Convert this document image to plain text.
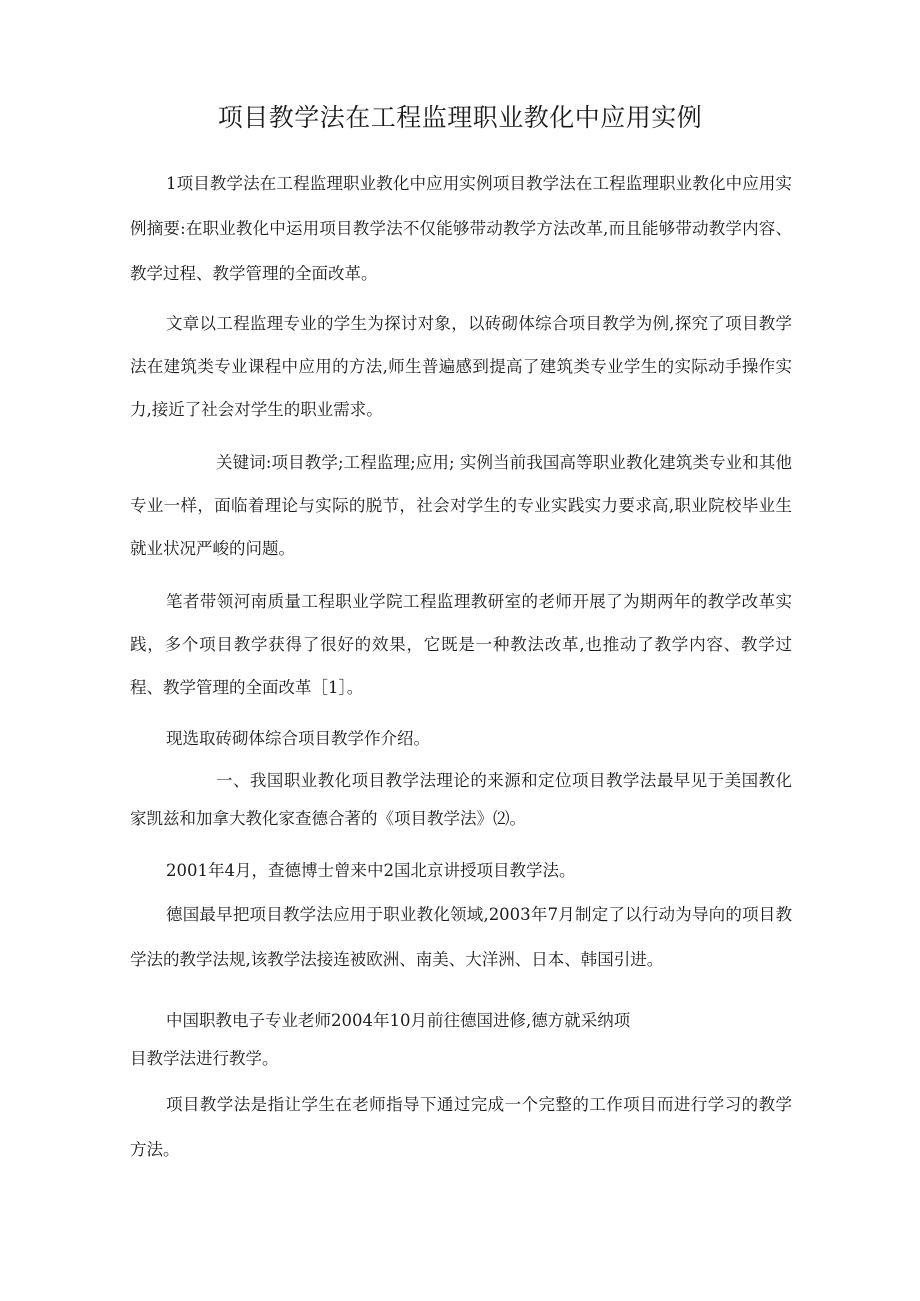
项目教学法在工程监理职业教化中应用实例

1项目教学法在工程监理职业教化中应用实例项目教学法在工程监理职业教化中应用实例摘要:在职业教化中运用项目教学法不仅能够带动教学方法改革,而且能够带动教学内容、教学过程、教学管理的全面改革。

文章以工程监理专业的学生为探讨对象，以砖砌体综合项目教学为例,探究了项目教学法在建筑类专业课程中应用的方法,师生普遍感到提高了建筑类专业学生的实际动手操作实力,接近了社会对学生的职业需求。

关键词:项目教学;工程监理;应用; 实例当前我国高等职业教化建筑类专业和其他专业一样，面临着理论与实际的脱节，社会对学生的专业实践实力要求高,职业院校毕业生就业状况严峻的问题。

笔者带领河南质量工程职业学院工程监理教研室的老师开展了为期两年的教学改革实践，多个项目教学获得了很好的效果，它既是一种教法改革,也推动了教学内容、教学过程、教学管理的全面改革［1］。

现选取砖砌体综合项目教学作介绍。

一、我国职业教化项目教学法理论的来源和定位项目教学法最早见于美国教化家凯兹和加拿大教化家查德合著的《项目教学法》⑵。

2001年4月，查德博士曾来中2国北京讲授项目教学法。

德国最早把项目教学法应用于职业教化领域,2003年7月制定了以行动为导向的项目教学法的教学法规,该教学法接连被欧洲、南美、大洋洲、日本、韩国引进。

中国职教电子专业老师2004年10月前往德国进修,德方就采纳项

目教学法进行教学。

项目教学法是指让学生在老师指导下通过完成一个完整的工作项目而进行学习的教学方法。
